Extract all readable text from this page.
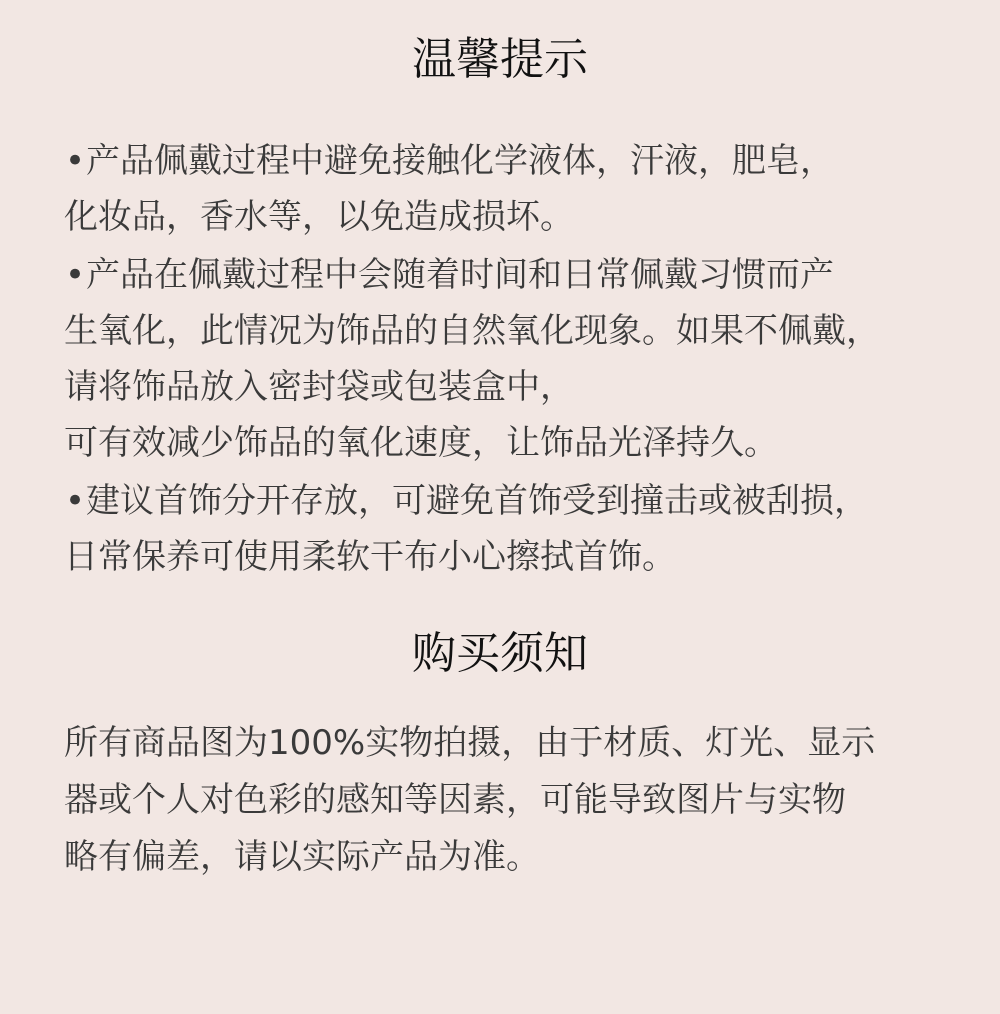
温馨提示
•产品佩戴过程中避免接触化学液体，汗液，肥皂，
化妆品，香水等，以免造成损坏。
•产品在佩戴过程中会随着时间和日常佩戴习惯而产
生氧化，此情况为饰品的自然氧化现象。如果不佩戴，
请将饰品放入密封袋或包装盒中，
可有效减少饰品的氧化速度，让饰品光泽持久。
•建议首饰分开存放，可避免首饰受到撞击或被刮损，
日常保养可使用柔软干布小心擦拭首饰。
购买须知

所有商品图为100%实物拍摄，由于材质、灯光、显示
器或个人对色彩的感知等因素，可能导致图片与实物
略有偏差，请以实际产品为准。
